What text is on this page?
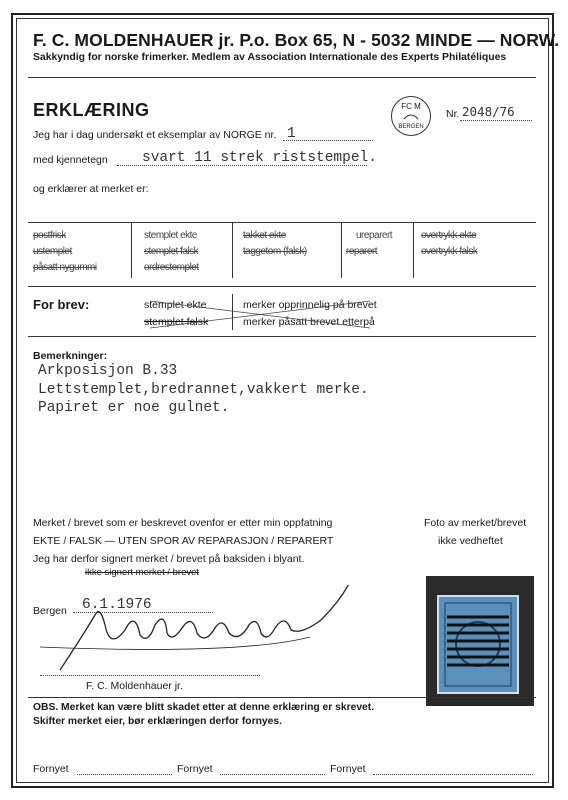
F. C. MOLDENHAUER jr. P.o. Box 65, N - 5032 MINDE — NORW.
Sakkyndig for norske frimerker. Medlem av Association Internationale des Experts Philatéliques
ERKLÆRING	FC M
BERGEN
Nr. 2048/76
Jeg har i dag undersøkt et eksemplar av NORGE nr. 1
med kjennetegn svart 11 strek riststempel.
og erklærer at merket er:
postfrisk
ustemplet
påsatt nygummi
stemplet ekte
stemplet falsk
ordrestemplet
takket ekte
taggetom (falsk)
ureparert
reparert
overtrykk ekte
overtrykk falsk
For brev:	stemplet ekte
stemplet falsk
merker opprinnelig på brevet
merker påsatt brevet etterpå
Bemerkninger:
Arkposisjon B.33
Lettstemplet,bredrannet,vakkert merke.
Papiret er noe gulnet.
Merket / brevet som er beskrevet ovenfor er etter min oppfatning
EKTE / FALSK — UTEN SPOR AV REPARASJON / REPARERT
Jeg har derfor signert merket / brevet på baksiden i blyant.
ikke signert merket / brevet
Foto av merket/brevet
ikke vedheftet
Bergen 6.1.1976
F. C. Moldenhauer jr.
OBS. Merket kan være blitt skadet etter at denne erklæring er skrevet.
Skifter merket eier, bør erklæringen derfor fornyes.
Fornyet	Fornyet	Fornyet
